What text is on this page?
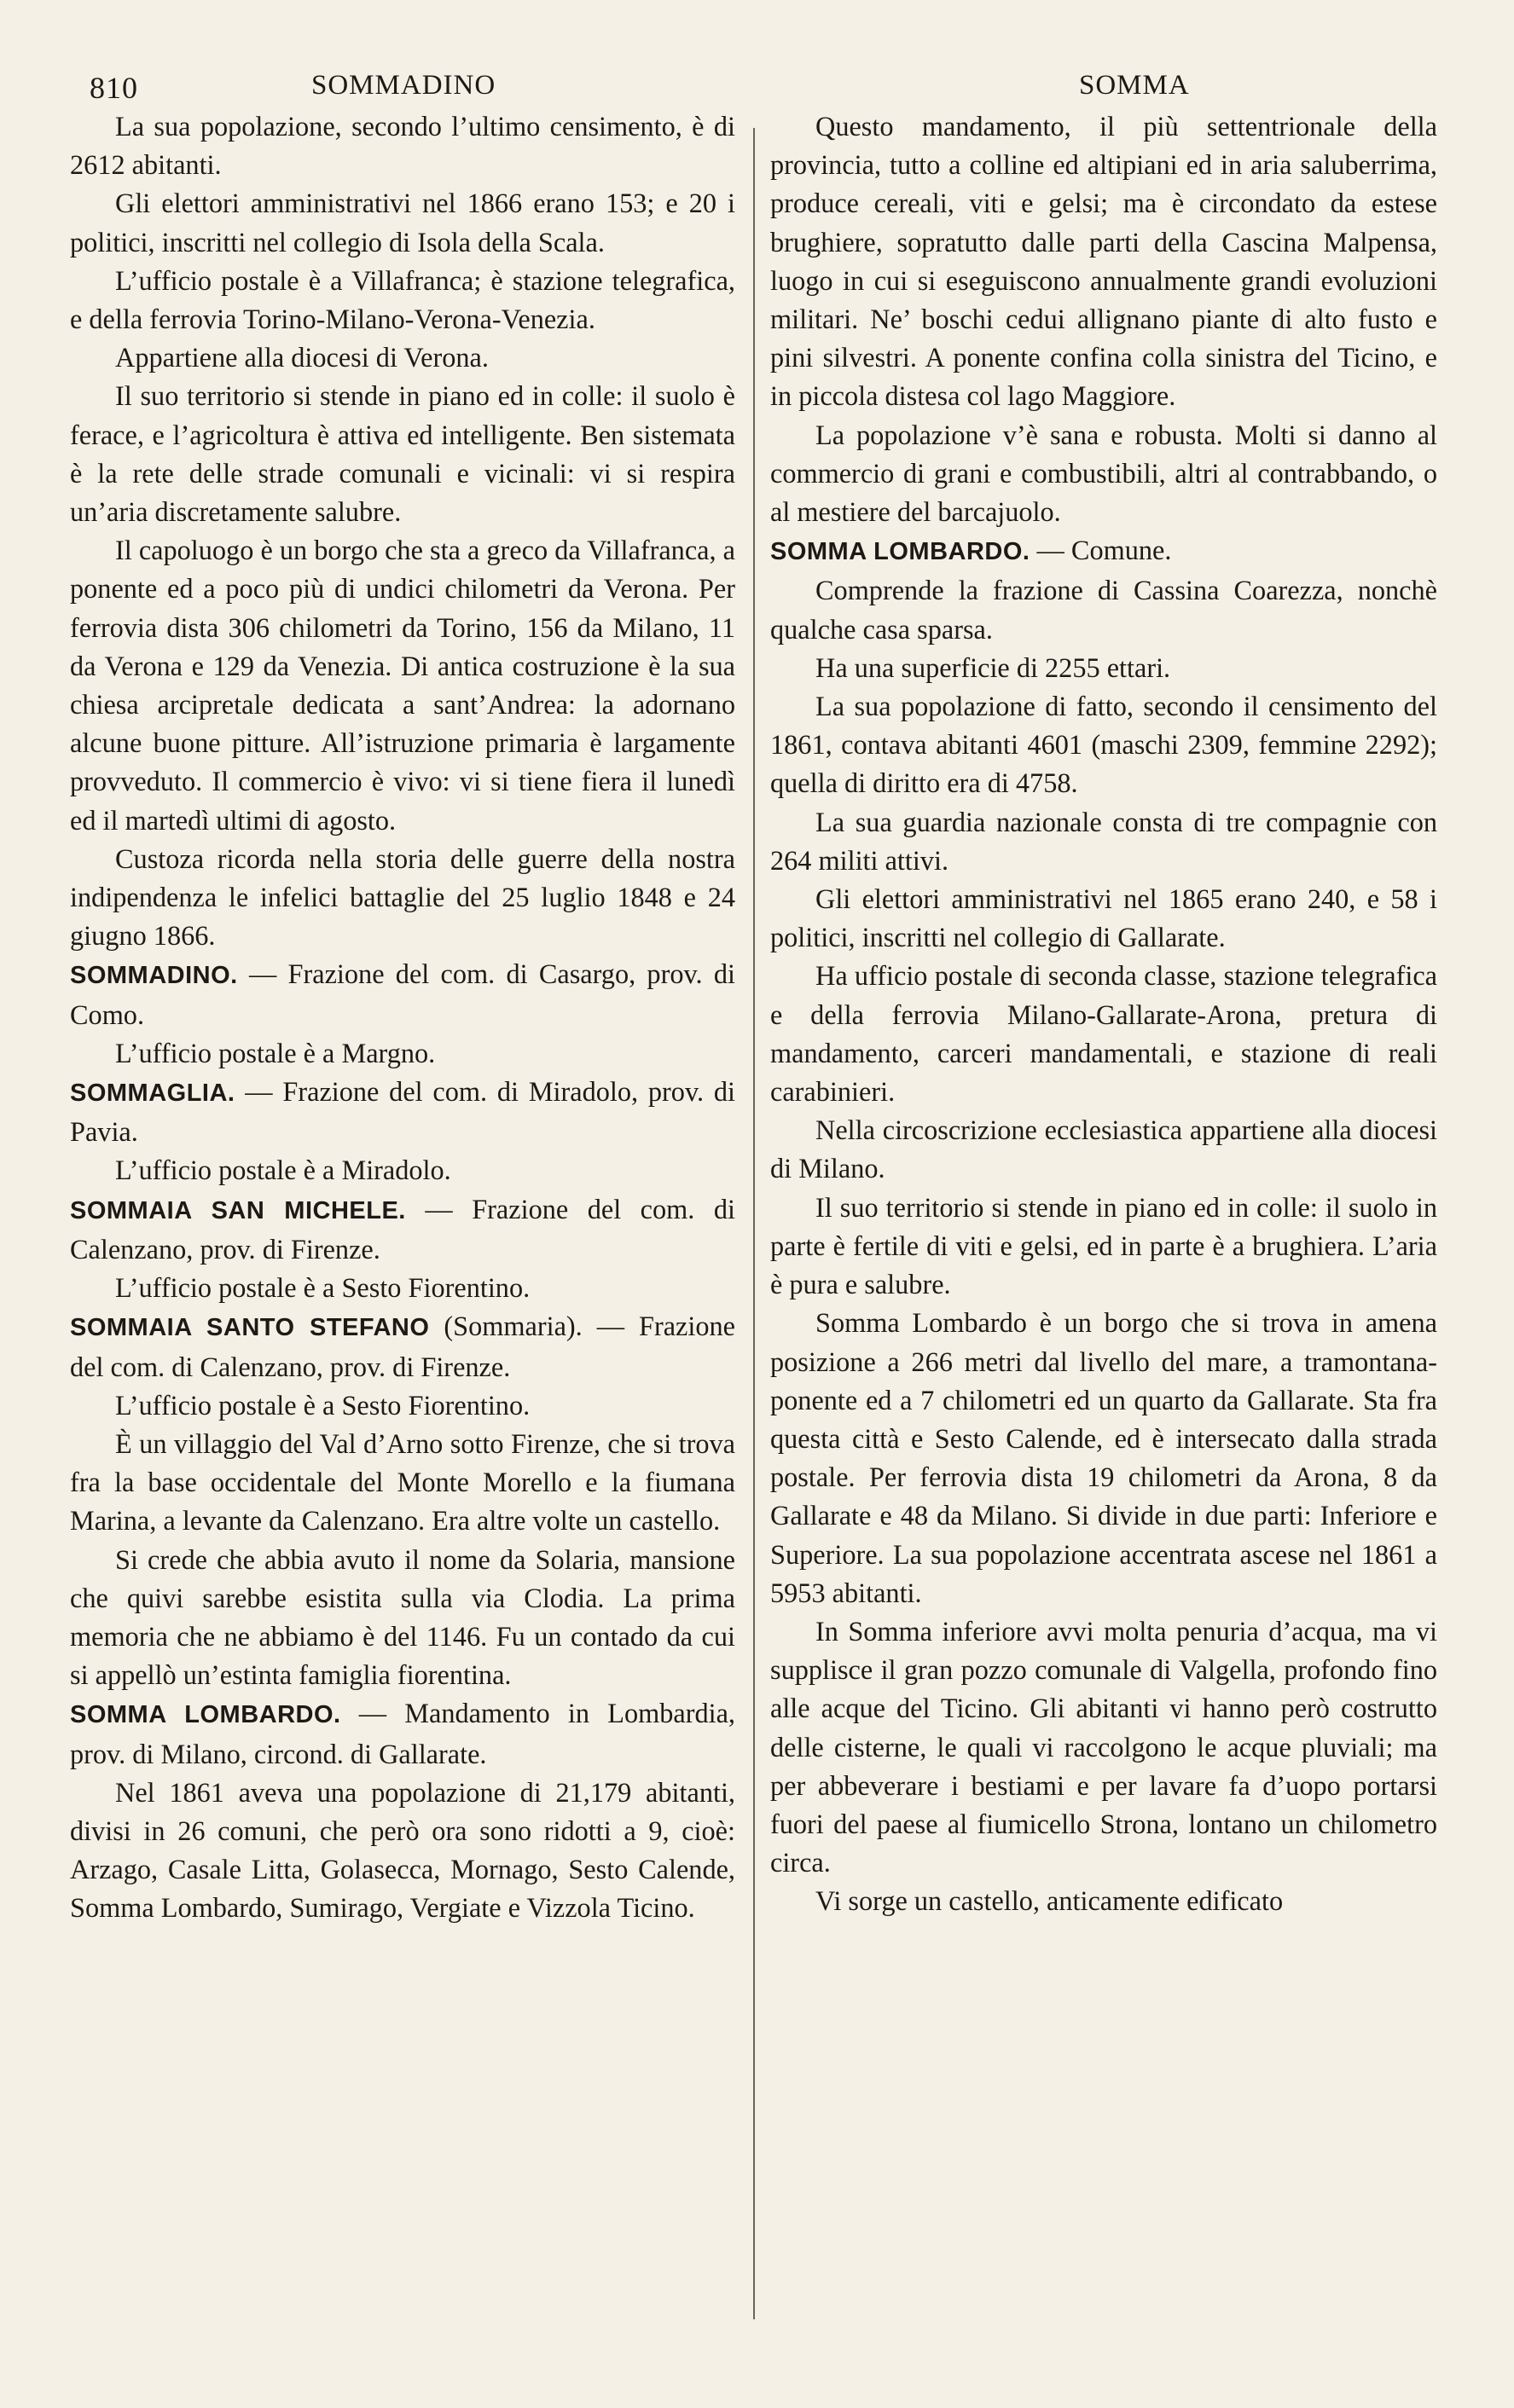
810	SOMMADINO	SOMMA

La sua popolazione, secondo l’ultimo censimento, è di 2612 abitanti.

Gli elettori amministrativi nel 1866 erano 153; e 20 i politici, inscritti nel collegio di Isola della Scala.

L’ufficio postale è a Villafranca; è stazione telegrafica, e della ferrovia Torino-Milano-Verona-Venezia.

Appartiene alla diocesi di Verona.

Il suo territorio si stende in piano ed in colle: il suolo è ferace, e l’agricoltura è attiva ed intelligente. Ben sistemata è la rete delle strade comunali e vicinali: vi si respira un’aria discretamente salubre.

Il capoluogo è un borgo che sta a greco da Villafranca, a ponente ed a poco più di undici chilometri da Verona. Per ferrovia dista 306 chilometri da Torino, 156 da Milano, 11 da Verona e 129 da Venezia. Di antica costruzione è la sua chiesa arcipretale dedicata a sant’Andrea: la adornano alcune buone pitture. All’istruzione primaria è largamente provveduto. Il commercio è vivo: vi si tiene fiera il lunedì ed il martedì ultimi di agosto.

Custoza ricorda nella storia delle guerre della nostra indipendenza le infelici battaglie del 25 luglio 1848 e 24 giugno 1866.

SOMMADINO. — Frazione del com. di Casargo, prov. di Como.

L’ufficio postale è a Margno.

SOMMAGLIA. — Frazione del com. di Miradolo, prov. di Pavia.

L’ufficio postale è a Miradolo.

SOMMAIA SAN MICHELE. — Frazione del com. di Calenzano, prov. di Firenze.

L’ufficio postale è a Sesto Fiorentino.

SOMMAIA SANTO STEFANO (Sommaria). — Frazione del com. di Calenzano, prov. di Firenze.

L’ufficio postale è a Sesto Fiorentino.

È un villaggio del Val d’Arno sotto Firenze, che si trova fra la base occidentale del Monte Morello e la fiumana Marina, a levante da Calenzano. Era altre volte un castello.

Si crede che abbia avuto il nome da Solaria, mansione che quivi sarebbe esistita sulla via Clodia. La prima memoria che ne abbiamo è del 1146. Fu un contado da cui si appellò un’estinta famiglia fiorentina.

SOMMA LOMBARDO. — Mandamento in Lombardia, prov. di Milano, circond. di Gallarate.

Nel 1861 aveva una popolazione di 21,179 abitanti, divisi in 26 comuni, che però ora sono ridotti a 9, cioè: Arzago, Casale Litta, Golasecca, Mornago, Sesto Calende, Somma Lombardo, Sumirago, Vergiate e Vizzola Ticino.

Questo mandamento, il più settentrionale della provincia, tutto a colline ed altipiani ed in aria saluberrima, produce cereali, viti e gelsi; ma è circondato da estese brughiere, sopratutto dalle parti della Cascina Malpensa, luogo in cui si eseguiscono annualmente grandi evoluzioni militari. Ne’ boschi cedui allignano piante di alto fusto e pini silvestri. A ponente confina colla sinistra del Ticino, e in piccola distesa col lago Maggiore.

La popolazione v’è sana e robusta. Molti si danno al commercio di grani e combustibili, altri al contrabbando, o al mestiere del barcajuolo.

SOMMA LOMBARDO. — Comune.

Comprende la frazione di Cassina Coarezza, nonchè qualche casa sparsa.

Ha una superficie di 2255 ettari.

La sua popolazione di fatto, secondo il censimento del 1861, contava abitanti 4601 (maschi 2309, femmine 2292); quella di diritto era di 4758.

La sua guardia nazionale consta di tre compagnie con 264 militi attivi.

Gli elettori amministrativi nel 1865 erano 240, e 58 i politici, inscritti nel collegio di Gallarate.

Ha ufficio postale di seconda classe, stazione telegrafica e della ferrovia Milano-Gallarate-Arona, pretura di mandamento, carceri mandamentali, e stazione di reali carabinieri.

Nella circoscrizione ecclesiastica appartiene alla diocesi di Milano.

Il suo territorio si stende in piano ed in colle: il suolo in parte è fertile di viti e gelsi, ed in parte è a brughiera. L’aria è pura e salubre.

Somma Lombardo è un borgo che si trova in amena posizione a 266 metri dal livello del mare, a tramontana-ponente ed a 7 chilometri ed un quarto da Gallarate. Sta fra questa città e Sesto Calende, ed è intersecato dalla strada postale. Per ferrovia dista 19 chilometri da Arona, 8 da Gallarate e 48 da Milano. Si divide in due parti: Inferiore e Superiore. La sua popolazione accentrata ascese nel 1861 a 5953 abitanti.

In Somma inferiore avvi molta penuria d’acqua, ma vi supplisce il gran pozzo comunale di Valgella, profondo fino alle acque del Ticino. Gli abitanti vi hanno però costrutto delle cisterne, le quali vi raccolgono le acque pluviali; ma per abbeverare i bestiami e per lavare fa d’uopo portarsi fuori del paese al fiumicello Strona, lontano un chilometro circa.

Vi sorge un castello, anticamente edificato
